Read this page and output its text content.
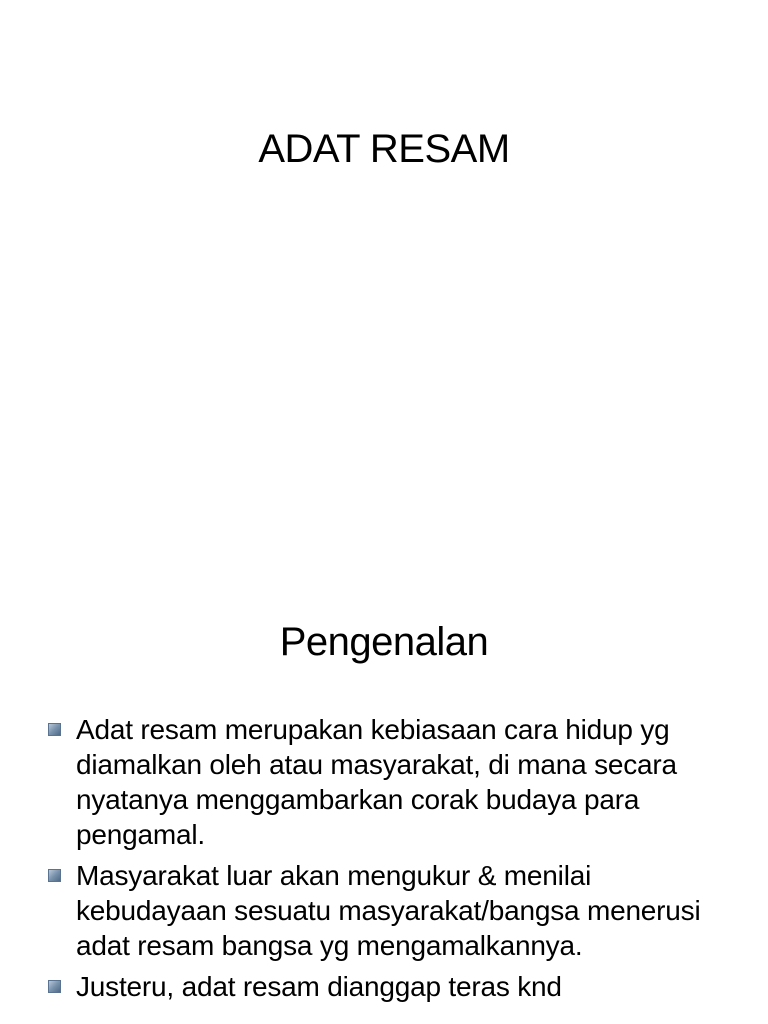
ADAT RESAM
Pengenalan
Adat resam merupakan kebiasaan cara hidup yg diamalkan oleh atau masyarakat, di mana secara nyatanya menggambarkan corak budaya para pengamal.
Masyarakat luar akan mengukur & menilai kebudayaan sesuatu masyarakat/bangsa menerusi adat resam bangsa yg mengamalkannya.
Justeru, adat resam dianggap teras knd
